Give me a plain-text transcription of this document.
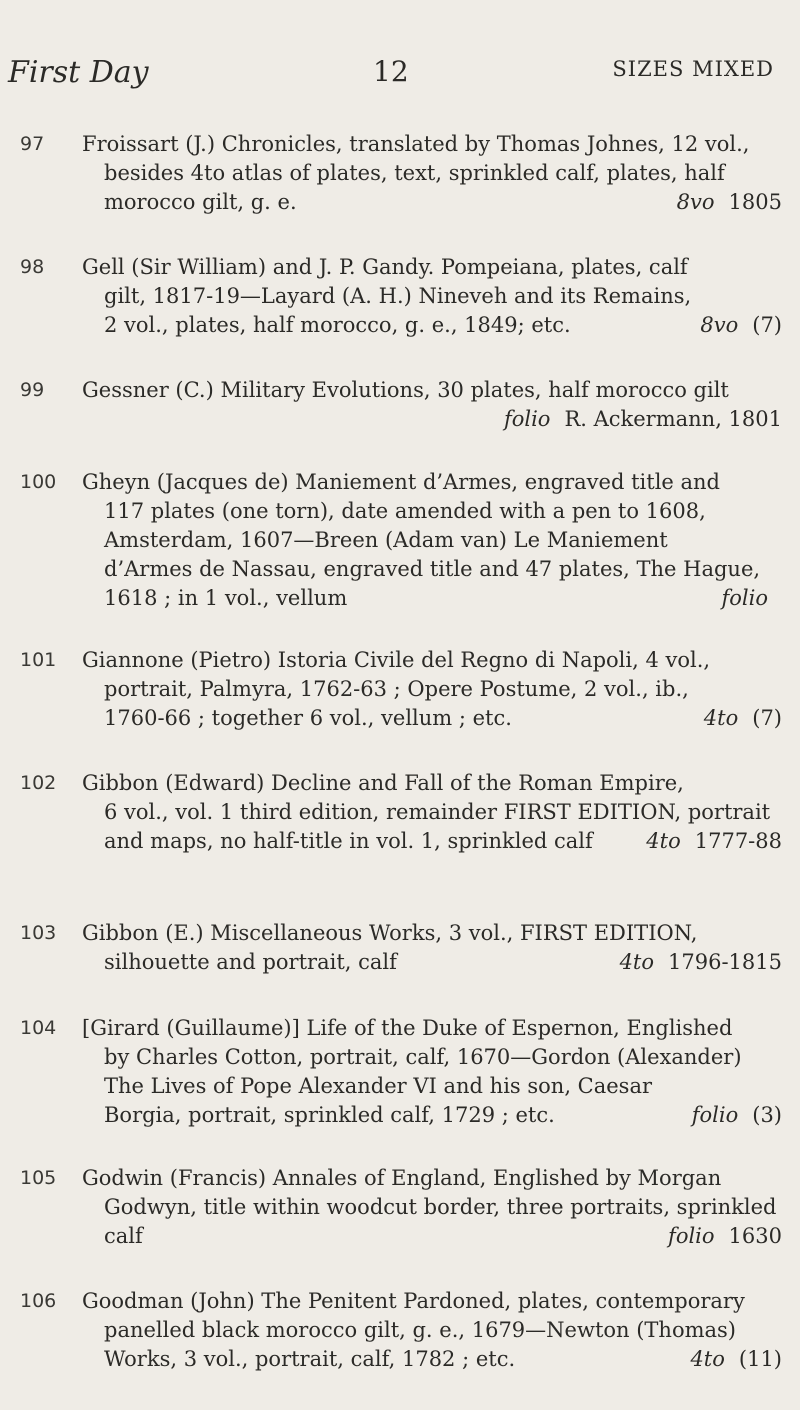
First Day	12	SIZES MIXED
97	Froissart (J.) Chronicles, translated by Thomas Johnes, 12 vol.,
besides 4to atlas of plates, text, sprinkled calf, plates, half
morocco gilt, g. e.	8vo 1805
98	Gell (Sir William) and J. P. Gandy. Pompeiana, plates, calf
gilt, 1817-19—Layard (A. H.) Nineveh and its Remains,
2 vol., plates, half morocco, g. e., 1849; etc.	8vo (7)
99	Gessner (C.) Military Evolutions, 30 plates, half morocco gilt
folio R. Ackermann, 1801
100	Gheyn (Jacques de) Maniement d’Armes, engraved title and
117 plates (one torn), date amended with a pen to 1608,
Amsterdam, 1607—Breen (Adam van) Le Maniement
d’Armes de Nassau, engraved title and 47 plates, The Hague,
1618 ; in 1 vol., vellum	folio
101	Giannone (Pietro) Istoria Civile del Regno di Napoli, 4 vol.,
portrait, Palmyra, 1762-63 ; Opere Postume, 2 vol., ib.,
1760-66 ; together 6 vol., vellum ; etc.	4to (7)
102	Gibbon (Edward) Decline and Fall of the Roman Empire,
6 vol., vol. 1 third edition, remainder FIRST EDITION, portrait
and maps, no half-title in vol. 1, sprinkled calf	4to 1777-88
103	Gibbon (E.) Miscellaneous Works, 3 vol., FIRST EDITION,
silhouette and portrait, calf	4to 1796-1815
104	[Girard (Guillaume)] Life of the Duke of Espernon, Englished
by Charles Cotton, portrait, calf, 1670—Gordon (Alexander)
The Lives of Pope Alexander VI and his son, Caesar
Borgia, portrait, sprinkled calf, 1729 ; etc.	folio (3)
105	Godwin (Francis) Annales of England, Englished by Morgan
Godwyn, title within woodcut border, three portraits, sprinkled
calf	folio 1630
106	Goodman (John) The Penitent Pardoned, plates, contemporary
panelled black morocco gilt, g. e., 1679—Newton (Thomas)
Works, 3 vol., portrait, calf, 1782 ; etc.	4to (11)
